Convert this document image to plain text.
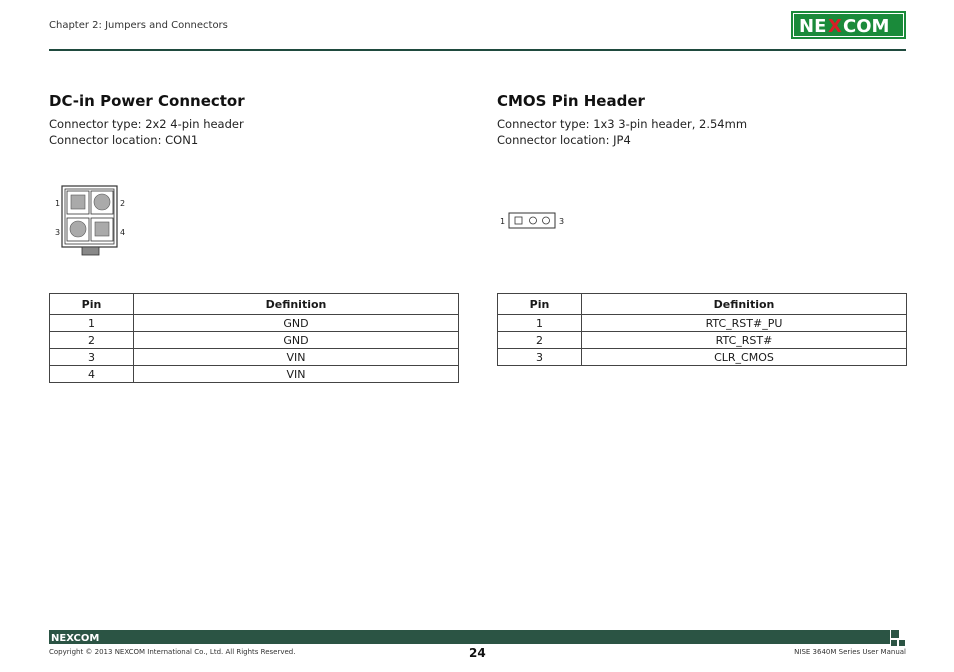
Chapter 2: Jumpers and Connectors	NE X COM
DC-in Power Connector
Connector type: 2x2 4-pin header
Connector location: CON1
1	2
3	4
Pin	Definition
1	GND
2	GND
3	VIN
4	VIN
CMOS Pin Header
Connector type: 1x3 3-pin header, 2.54mm
Connector location: JP4
1	3
Pin	Definition
1	RTC_RST#_PU
2	RTC_RST#
3	CLR_CMOS
NEXCOM
Copyright © 2013 NEXCOM International Co., Ltd. All Rights Reserved.	24	NISE 3640M Series User Manual
